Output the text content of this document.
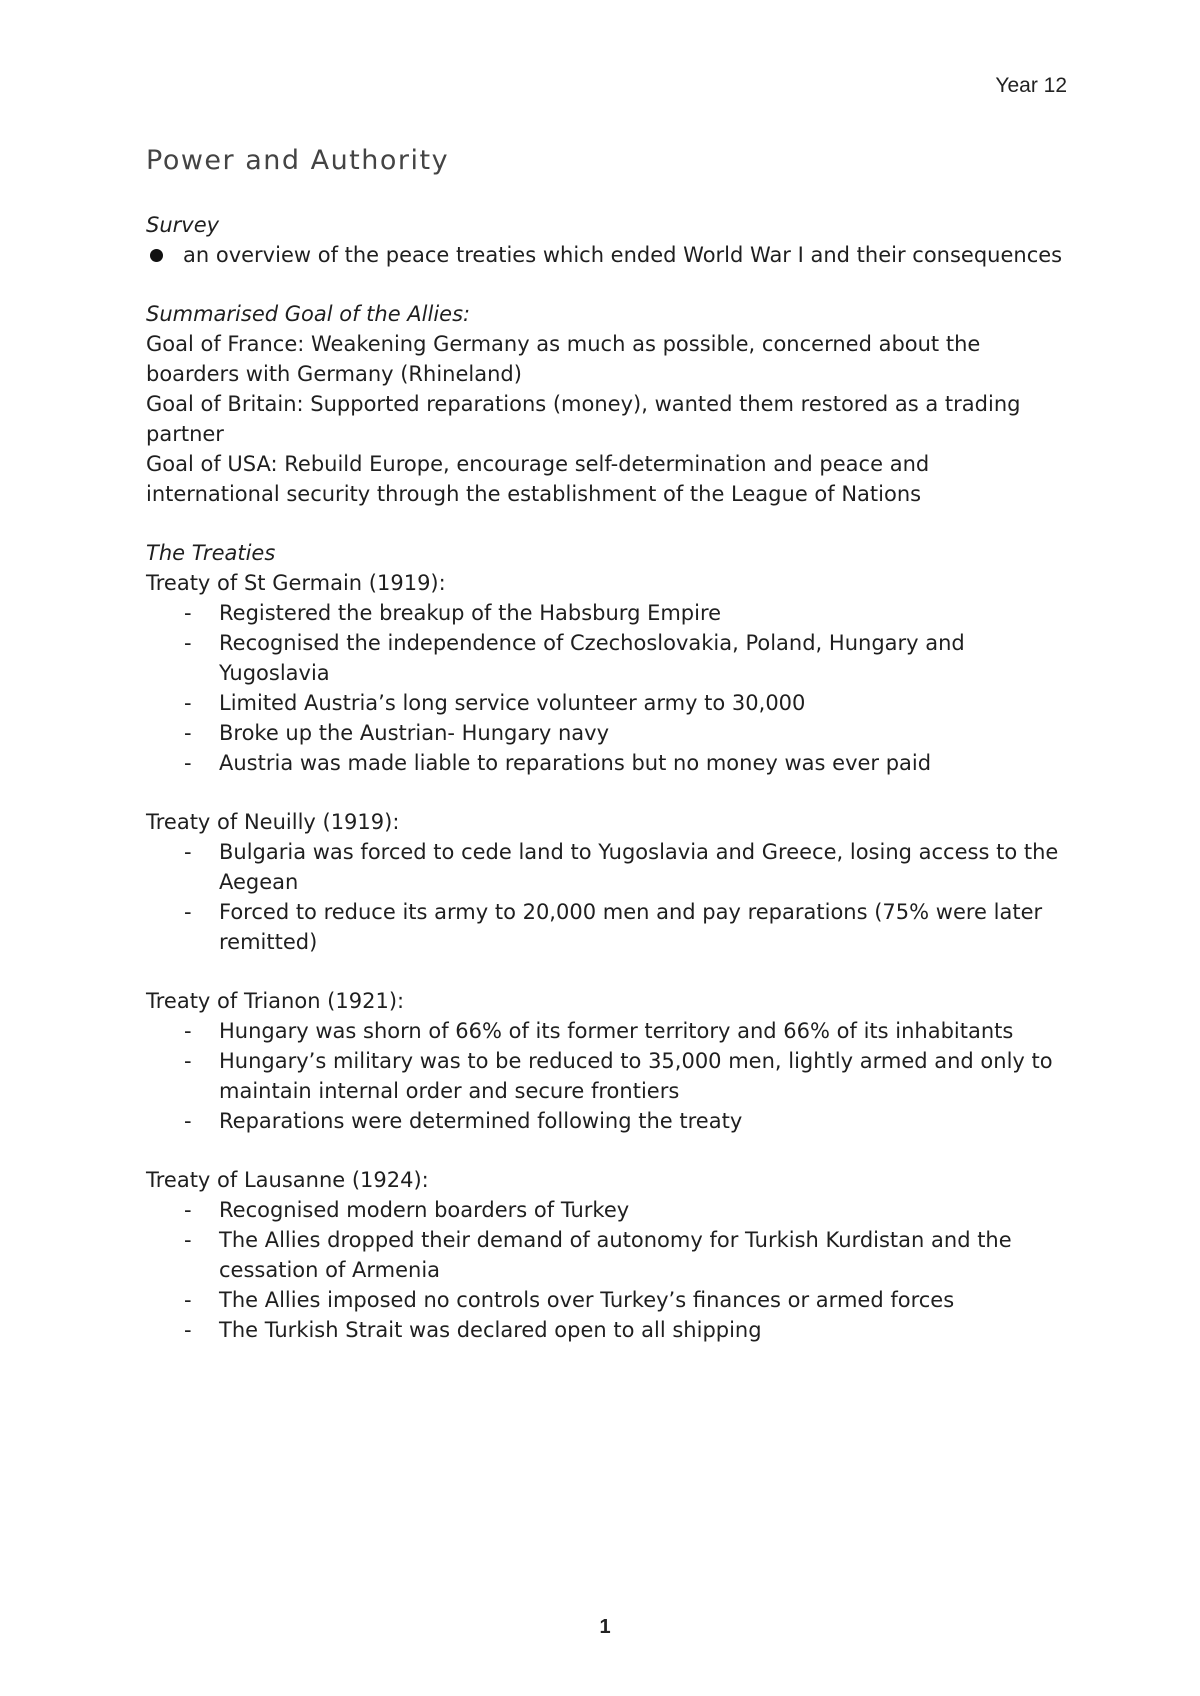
Year 12
Power and Authority

Survey

an overview of the peace treaties which ended World War I and their consequences

Summarised Goal of the Allies:

Goal of France: Weakening Germany as much as possible, concerned about the boarders with Germany (Rhineland)

Goal of Britain: Supported reparations (money), wanted them restored as a trading partner

Goal of USA: Rebuild Europe, encourage self-determination and peace and international security through the establishment of the League of Nations

The Treaties

Treaty of St Germain (1919):

- Registered the breakup of the Habsburg Empire
- Recognised the independence of Czechoslovakia, Poland, Hungary and Yugoslavia
- Limited Austria’s long service volunteer army to 30,000
- Broke up the Austrian- Hungary navy
- Austria was made liable to reparations but no money was ever paid

Treaty of Neuilly (1919):

- Bulgaria was forced to cede land to Yugoslavia and Greece, losing access to the Aegean
- Forced to reduce its army to 20,000 men and pay reparations (75% were later remitted)

Treaty of Trianon (1921):

- Hungary was shorn of 66% of its former territory and 66% of its inhabitants
- Hungary’s military was to be reduced to 35,000 men, lightly armed and only to maintain internal order and secure frontiers
- Reparations were determined following the treaty

Treaty of Lausanne (1924):

- Recognised modern boarders of Turkey
- The Allies dropped their demand of autonomy for Turkish Kurdistan and the cessation of Armenia
- The Allies imposed no controls over Turkey’s finances or armed forces
- The Turkish Strait was declared open to all shipping
1
